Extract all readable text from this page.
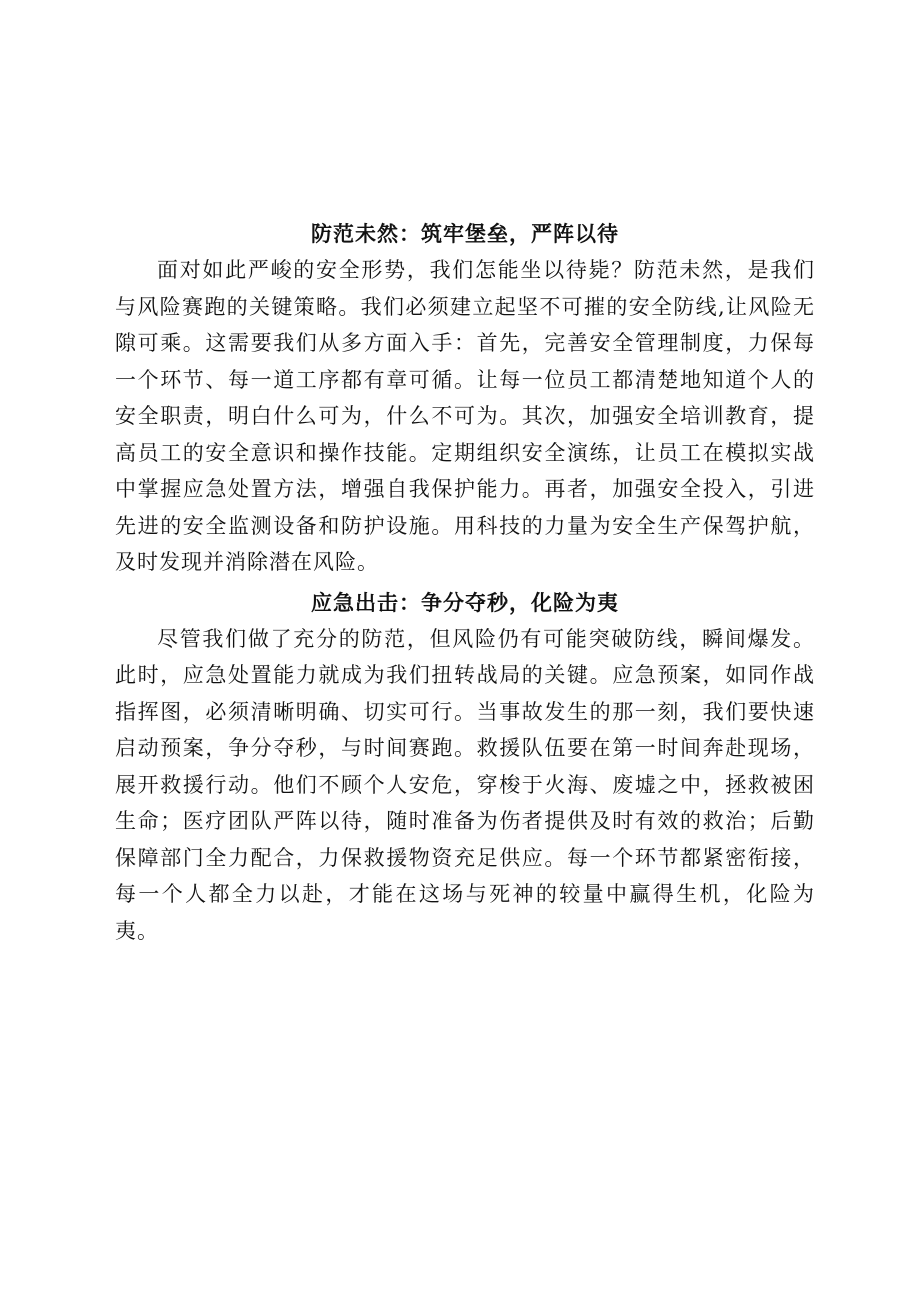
防范未然：筑牢堡垒，严阵以待

面对如此严峻的安全形势，我们怎能坐以待毙？防范未然，是我们与风险赛跑的关键策略。我们必须建立起坚不可摧的安全防线,让风险无隙可乘。这需要我们从多方面入手：首先，完善安全管理制度，力保每一个环节、每一道工序都有章可循。让每一位员工都清楚地知道个人的安全职责，明白什么可为，什么不可为。其次，加强安全培训教育，提高员工的安全意识和操作技能。定期组织安全演练，让员工在模拟实战中掌握应急处置方法，增强自我保护能力。再者，加强安全投入，引进先进的安全监测设备和防护设施。用科技的力量为安全生产保驾护航，及时发现并消除潜在风险。

应急出击：争分夺秒，化险为夷

尽管我们做了充分的防范，但风险仍有可能突破防线，瞬间爆发。此时，应急处置能力就成为我们扭转战局的关键。应急预案，如同作战指挥图，必须清晰明确、切实可行。当事故发生的那一刻，我们要快速启动预案，争分夺秒，与时间赛跑。救援队伍要在第一时间奔赴现场，展开救援行动。他们不顾个人安危，穿梭于火海、废墟之中，拯救被困生命；医疗团队严阵以待，随时准备为伤者提供及时有效的救治；后勤保障部门全力配合，力保救援物资充足供应。每一个环节都紧密衔接，每一个人都全力以赴，才能在这场与死神的较量中赢得生机，化险为夷。
